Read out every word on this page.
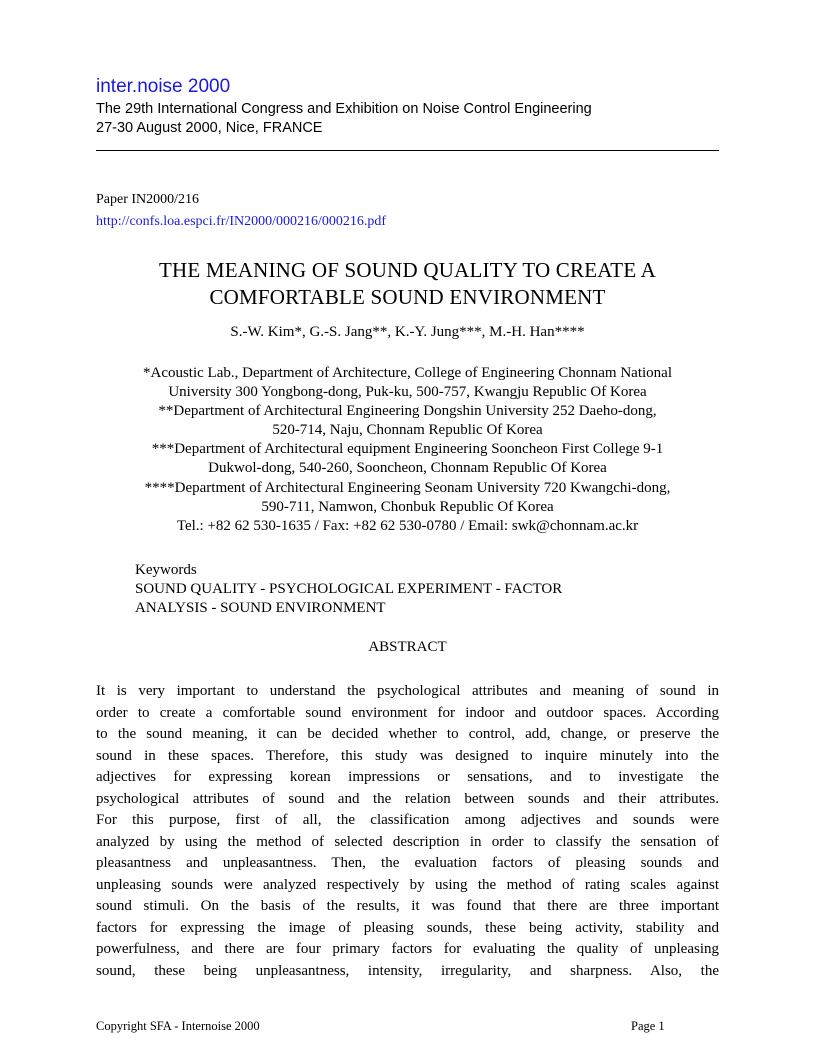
inter.noise 2000
The 29th International Congress and Exhibition on Noise Control Engineering
27-30 August 2000, Nice, FRANCE
Paper IN2000/216
http://confs.loa.espci.fr/IN2000/000216/000216.pdf
THE MEANING OF SOUND QUALITY TO CREATE A
COMFORTABLE SOUND ENVIRONMENT
S.-W. Kim*, G.-S. Jang**, K.-Y. Jung***, M.-H. Han****
*Acoustic Lab., Department of Architecture, College of Engineering Chonnam National
University 300 Yongbong-dong, Puk-ku, 500-757, Kwangju Republic Of Korea
**Department of Architectural Engineering Dongshin University 252 Daeho-dong,
520-714, Naju, Chonnam Republic Of Korea
***Department of Architectural equipment Engineering Sooncheon First College 9-1
Dukwol-dong, 540-260, Sooncheon, Chonnam Republic Of Korea
****Department of Architectural Engineering Seonam University 720 Kwangchi-dong,
590-711, Namwon, Chonbuk Republic Of Korea
Tel.: +82 62 530-1635 / Fax: +82 62 530-0780 / Email: swk@chonnam.ac.kr
Keywords
SOUND QUALITY - PSYCHOLOGICAL EXPERIMENT - FACTOR
ANALYSIS - SOUND ENVIRONMENT
ABSTRACT
It is very important to understand the psychological attributes and meaning of sound in
order to create a comfortable sound environment for indoor and outdoor spaces. According
to the sound meaning, it can be decided whether to control, add, change, or preserve the
sound in these spaces. Therefore, this study was designed to inquire minutely into the
adjectives for expressing korean impressions or sensations, and to investigate the
psychological attributes of sound and the relation between sounds and their attributes.
For this purpose, first of all, the classification among adjectives and sounds were
analyzed by using the method of selected description in order to classify the sensation of
pleasantness and unpleasantness. Then, the evaluation factors of pleasing sounds and
unpleasing sounds were analyzed respectively by using the method of rating scales against
sound stimuli. On the basis of the results, it was found that there are three important
factors for expressing the image of pleasing sounds, these being activity, stability and
powerfulness, and there are four primary factors for evaluating the quality of unpleasing
sound, these being unpleasantness, intensity, irregularity, and sharpness. Also, the
Copyright SFA - Internoise 2000	Page 1
